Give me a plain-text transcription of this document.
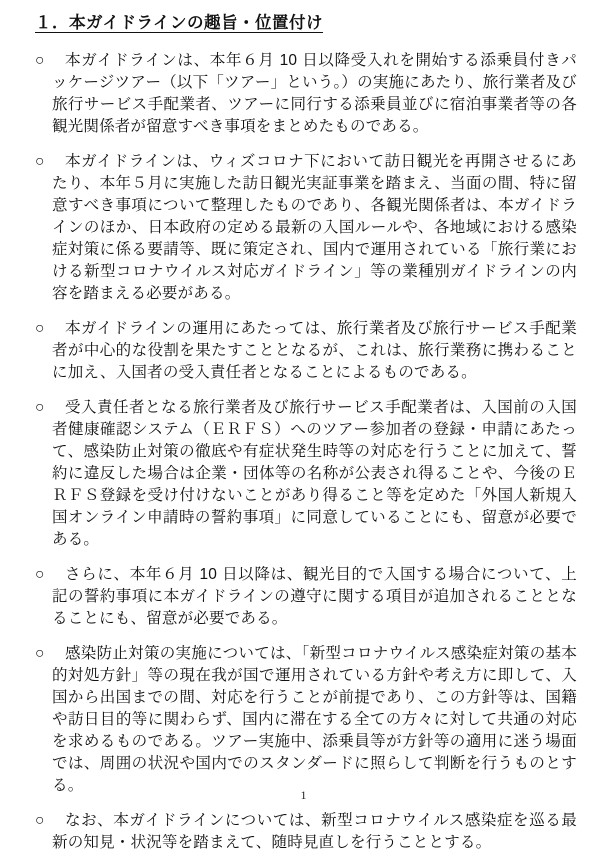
１．本ガイドラインの趣旨・位置付け

○ 本ガイドラインは、本年６月 10 日以降受入れを開始する添乗員付きパッケージツアー（以下「ツアー」という。）の実施にあたり、旅行業者及び旅行サービス手配業者、ツアーに同行する添乗員並びに宿泊事業者等の各観光関係者が留意すべき事項をまとめたものである。
○ 本ガイドラインは、ウィズコロナ下において訪日観光を再開させるにあたり、本年５月に実施した訪日観光実証事業を踏まえ、当面の間、特に留意すべき事項について整理したものであり、各観光関係者は、本ガイドラインのほか、日本政府の定める最新の入国ルールや、各地域における感染症対策に係る要請等、既に策定され、国内で運用されている「旅行業における新型コロナウイルス対応ガイドライン」等の業種別ガイドラインの内容を踏まえる必要がある。
○ 本ガイドラインの運用にあたっては、旅行業者及び旅行サービス手配業者が中心的な役割を果たすこととなるが、これは、旅行業務に携わることに加え、入国者の受入責任者となることによるものである。
○ 受入責任者となる旅行業者及び旅行サービス手配業者は、入国前の入国者健康確認システム（ＥＲＦＳ）へのツアー参加者の登録・申請にあたって、感染防止対策の徹底や有症状発生時等の対応を行うことに加えて、誓約に違反した場合は企業・団体等の名称が公表され得ることや、今後のＥＲＦＳ登録を受け付けないことがあり得ること等を定めた「外国人新規入国オンライン申請時の誓約事項」に同意していることにも、留意が必要である。
○ さらに、本年６月 10 日以降は、観光目的で入国する場合について、上記の誓約事項に本ガイドラインの遵守に関する項目が追加されることとなることにも、留意が必要である。
○ 感染防止対策の実施については、「新型コロナウイルス感染症対策の基本的対処方針」等の現在我が国で運用されている方針や考え方に即して、入国から出国までの間、対応を行うことが前提であり、この方針等は、国籍や訪日目的等に関わらず、国内に滞在する全ての方々に対して共通の対応を求めるものである。ツアー実施中、添乗員等が方針等の適用に迷う場面では、周囲の状況や国内でのスタンダードに照らして判断を行うものとする。
○ なお、本ガイドラインについては、新型コロナウイルス感染症を巡る最新の知見・状況等を踏まえて、随時見直しを行うこととする。
1
